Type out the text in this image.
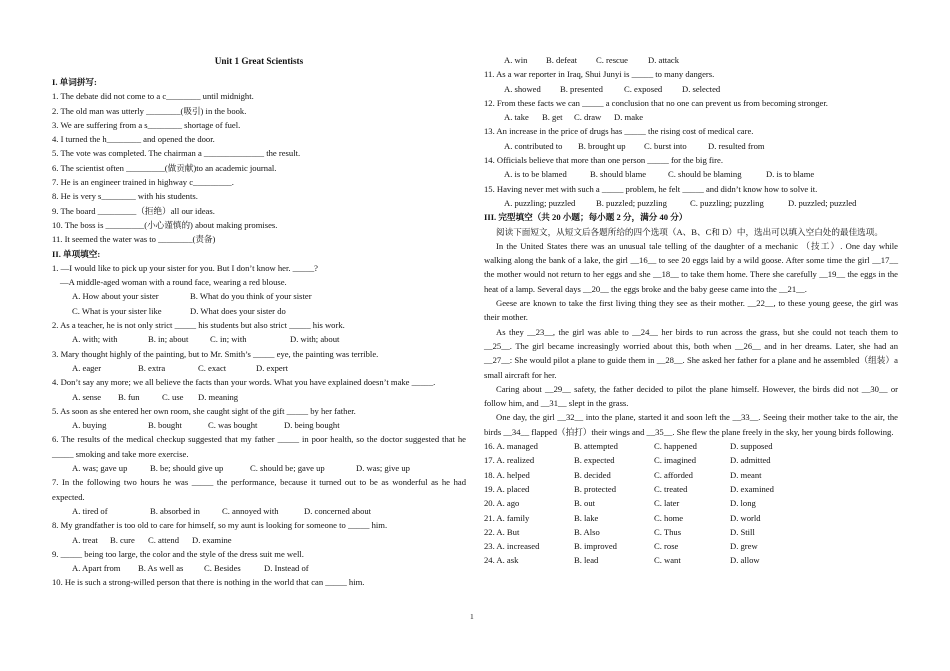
Unit 1 Great Scientists
I. 单词拼写:
1. The debate did not come to a c________ until midnight.
2. The old man was utterly ________(吸引) in the book.
3. We are suffering from a s________ shortage of fuel.
4. I turned the h________ and opened the door.
5. The vote was completed. The chairman a ______________ the result.
6. The scientist often _________(做贡献)to an academic journal.
7. He is an engineer trained in highway c_________.
8. He is very s________ with his students.
9. The board _________（拒绝）all our ideas.
10. The boss is _________(小心谨慎的) about making promises.
11. It seemed the water was to ________(责备)
II. 单项填空:
1. —I would like to pick up your sister for you. But I don’t know her. _____?
—A middle-aged woman with a round face, wearing a red blouse.
A. How about your sister	B. What do you think of your sister
C. What is your sister like	D. What does your sister do
2. As a teacher, he is not only strict _____ his students but also strict _____ his work.
A. with; with	B. in; about	C. in; with	D. with; about
3. Mary thought highly of the painting, but to Mr. Smith’s _____ eye, the painting was terrible.
A. eager	B. extra	C. exact	D. expert
4. Don’t say any more; we all believe the facts than your words. What you have explained doesn’t make _____.
A. sense	B. fun	C. use	D. meaning
5. As soon as she entered her own room, she caught sight of the gift _____ by her father.
A. buying	B. bought	C. was bought	D. being bought
6. The results of the medical checkup suggested that my father _____ in poor health, so the doctor suggested that he _____ smoking and take more exercise.
A. was; gave up	B. be; should give up	C. should be; gave up	D. was; give up
7. In the following two hours he was _____ the performance, because it turned out to be as wonderful as he had expected.
A. tired of	B. absorbed in	C. annoyed with	D. concerned about
8. My grandfather is too old to care for himself, so my aunt is looking for someone to _____ him.
A. treat	B. cure	C. attend	D. examine
9. _____ being too large, the color and the style of the dress suit me well.
A. Apart from	B. As well as	C. Besides	D. Instead of
10. He is such a strong-willed person that there is nothing in the world that can _____ him.
A. win	B. defeat	C. rescue	D. attack
11. As a war reporter in Iraq, Shui Junyi is _____ to many dangers.
A. showed	B. presented	C. exposed	D. selected
12. From these facts we can _____ a conclusion that no one can prevent us from becoming stronger.
A. take	B. get	C. draw	D. make
13. An increase in the price of drugs has _____ the rising cost of medical care.
A. contributed to	B. brought up	C. burst into	D. resulted from
14. Officials believe that more than one person _____ for the big fire.
A. is to be blamed	B. should blame	C. should be blaming	D. is to blame
15. Having never met with such a _____ problem, he felt _____ and didn’t know how to solve it.
A. puzzling; puzzled	B. puzzled; puzzling	C. puzzling; puzzling	D. puzzled; puzzled
III. 完型填空（共 20 小题；每小题 2 分，满分 40 分）
阅读下面短文，从短文后各题所给的四个选项（A、B、C和 D）中，选出可以填入空白处的最佳选项。
In the United States there was an unusual tale telling of the daughter of a mechanic （技工）. One day while walking along the bank of a lake, the girl __16__ to see 20 eggs laid by a wild goose. After some time the girl __17__ the mother would not return to her eggs and she __18__ to take them home. There she carefully __19__ the eggs in the heat of a lamp. Several days __20__ the eggs broke and the baby geese came into the __21__.
Geese are known to take the first living thing they see as their mother. __22__, to these young geese, the girl was their mother.
As they __23__, the girl was able to __24__ her birds to run across the grass, but she could not teach them to __25__. The girl became increasingly worried about this, both when __26__ and in her dreams. Later, she had an __27__: She would pilot a plane to guide them in __28__. She asked her father for a plane and he assembled（组装）a small aircraft for her.
Caring about __29__ safety, the father decided to pilot the plane himself. However, the birds did not __30__ or follow him, and __31__ slept in the grass.
One day, the girl __32__ into the plane, started it and soon left the __33__. Seeing their mother take to the air, the birds __34__ flapped（拍打）their wings and __35__. She flew the plane freely in the sky, her young birds following.
16. A. managed	B. attempted	C. happened	D. supposed
17. A. realized	B. expected	C. imagined	D. admitted
18. A. helped	B. decided	C. afforded	D. meant
19. A. placed	B. protected	C. treated	D. examined
20. A. ago	B. out	C. later	D. long
21. A. family	B. lake	C. home	D. world
22. A. But	B. Also	C. Thus	D. Still
23. A. increased	B. improved	C. rose	D. grew
24. A. ask	B. lead	C. want	D. allow
1
